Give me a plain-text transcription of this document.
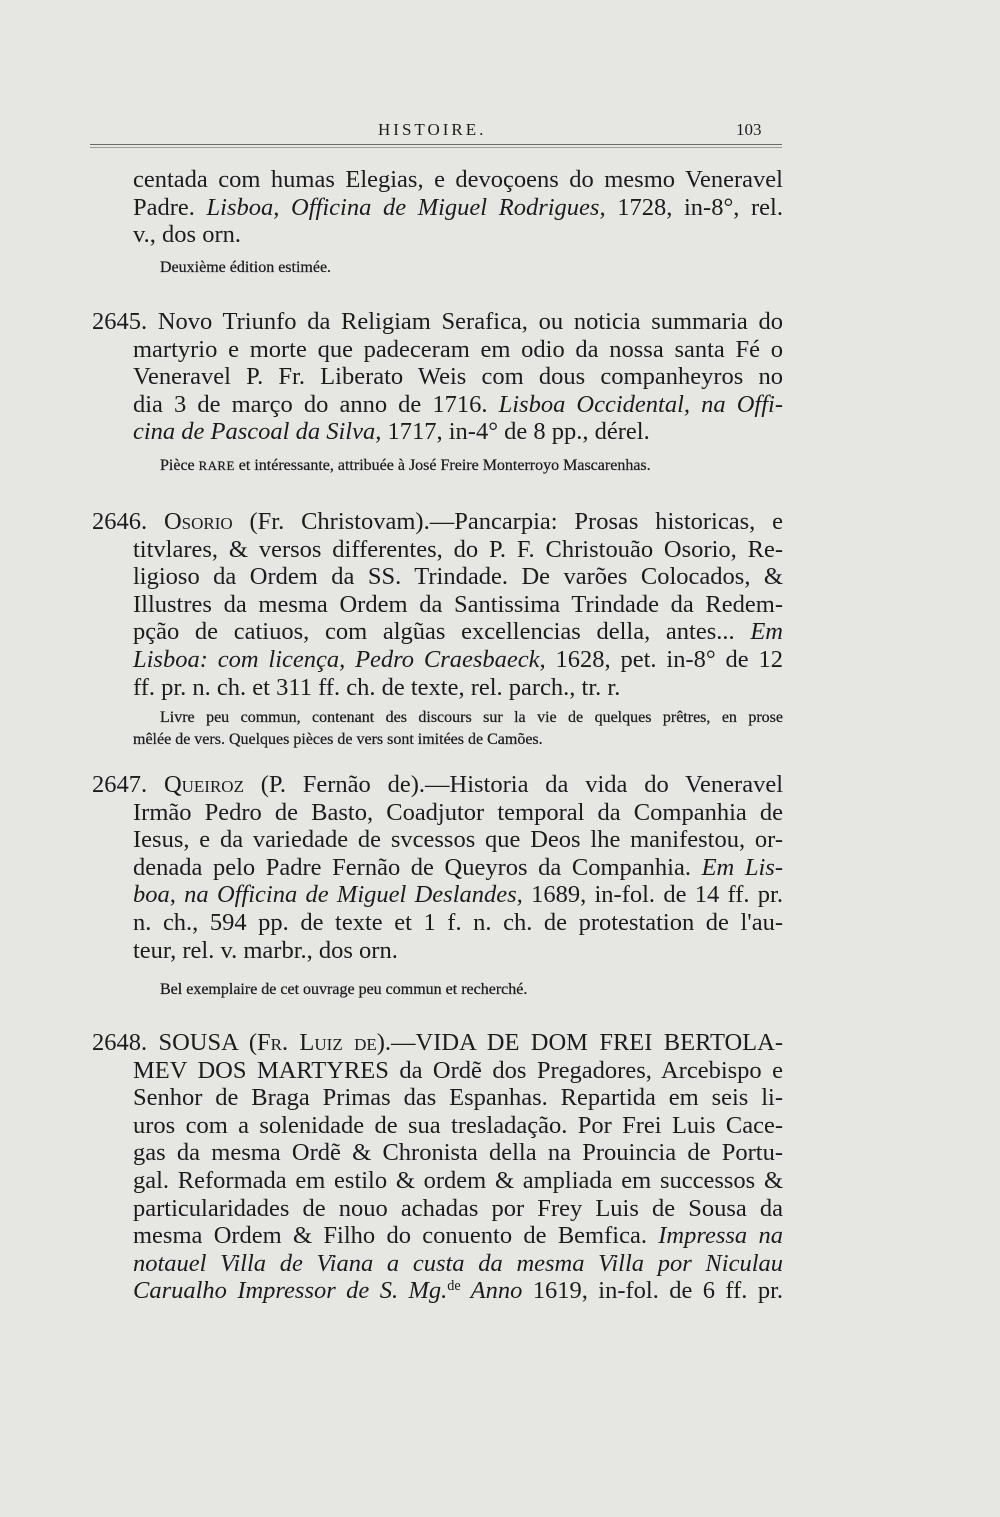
HISTOIRE.	103
centada com humas Elegias, e devoçoens do mesmo Veneravel
Padre. Lisboa, Officina de Miguel Rodrigues, 1728, in-8°, rel.
v., dos orn.
Deuxième édition estimée.
2645. Novo Triunfo da Religiam Serafica, ou noticia summaria do
martyrio e morte que padeceram em odio da nossa santa Fé o
Veneravel P. Fr. Liberato Weis com dous companheyros no
dia 3 de março do anno de 1716. Lisboa Occidental, na Offi-
cina de Pascoal da Silva, 1717, in-4° de 8 pp., dérel.
Pièce RARE et intéressante, attribuée à José Freire Monterroyo Mascarenhas.
2646. Osorio (Fr. Christovam).—Pancarpia: Prosas historicas, e
titvlares, & versos differentes, do P. F. Christouão Osorio, Re-
ligioso da Ordem da SS. Trindade. De varões Colocados, &
Illustres da mesma Ordem da Santissima Trindade da Redem-
pção de catiuos, com algũas excellencias della, antes... Em
Lisboa: com licença, Pedro Craesbaeck, 1628, pet. in-8° de 12
ff. pr. n. ch. et 311 ff. ch. de texte, rel. parch., tr. r.
Livre peu commun, contenant des discours sur la vie de quelques prêtres, en prose
mêlée de vers. Quelques pièces de vers sont imitées de Camões.
2647. Queiroz (P. Fernão de).—Historia da vida do Veneravel
Irmão Pedro de Basto, Coadjutor temporal da Companhia de
Iesus, e da variedade de svcessos que Deos lhe manifestou, or-
denada pelo Padre Fernão de Queyros da Companhia. Em Lis-
boa, na Officina de Miguel Deslandes, 1689, in-fol. de 14 ff. pr.
n. ch., 594 pp. de texte et 1 f. n. ch. de protestation de l'au-
teur, rel. v. marbr., dos orn.
Bel exemplaire de cet ouvrage peu commun et recherché.
2648. SOUSA (Fr. Luiz de).—VIDA DE DOM FREI BERTOLA-
MEV DOS MARTYRES da Ordẽ dos Pregadores, Arcebispo e
Senhor de Braga Primas das Espanhas. Repartida em seis li-
uros com a solenidade de sua tresladação. Por Frei Luis Cace-
gas da mesma Ordẽ & Chronista della na Prouincia de Portu-
gal. Reformada em estilo & ordem & ampliada em successos &
particularidades de nouo achadas por Frey Luis de Sousa da
mesma Ordem & Filho do conuento de Bemfica. Impressa na
notauel Villa de Viana a custa da mesma Villa por Niculau
Carualho Impressor de S. Mg.$^{de}$ Anno 1619, in-fol. de 6 ff. pr.
